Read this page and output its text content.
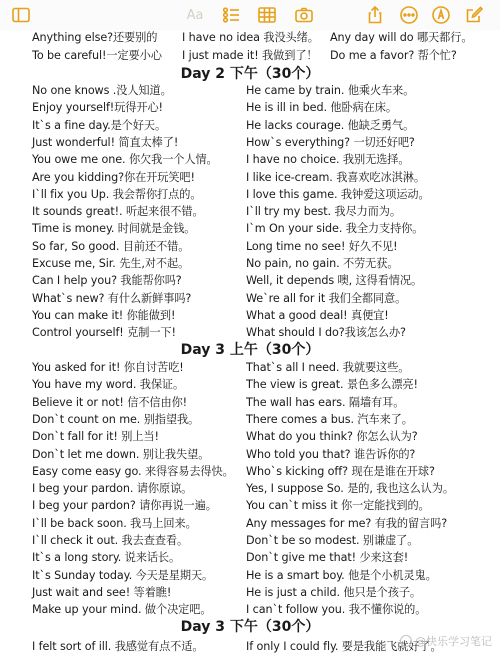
Aa
Anything else?还要别的 I have no idea 我没头绪。 Any day will do 哪天都行。
To be careful!一定要小心 I just made it! 我做到了！ Do me a favor? 帮个忙?
Day 2 下午（30个）
No one knows .没人知道。
Enjoy yourself!玩得开心!
It`s a fine day.是个好天。
Just wonderful! 简直太棒了!
You owe me one. 你欠我一个人情。
Are you kidding?你在开玩笑吧!
I`ll fix you Up. 我会帮你打点的。
It sounds great!. 听起来很不错。
Time is money. 时间就是金钱。
So far, So good. 目前还不错。
Excuse me, Sir. 先生,对不起。
Can I help you? 我能帮你吗?
What`s new? 有什么新鲜事吗?
You can make it! 你能做到!
Control yourself! 克制一下!
He came by train. 他乘火车来。
He is ill in bed. 他卧病在床。
He lacks courage. 他缺乏勇气。
How`s everything? 一切还好吧?
I have no choice. 我别无选择。
I like ice-cream. 我喜欢吃冰淇淋。
I love this game. 我钟爱这项运动。
I`ll try my best. 我尽力而为。
I`m On your side. 我全力支持你。
Long time no see! 好久不见!
No pain, no gain. 不劳无获。
Well, it depends 噢, 这得看情况。
We`re all for it 我们全都同意。
What a good deal! 真便宜!
What should I do?我该怎么办?
Day 3 上午（30个）
You asked for it! 你自讨苦吃!
You have my word. 我保证。
Believe it or not! 信不信由你!
Don`t count on me. 别指望我。
Don`t fall for it! 别上当!
Don`t let me down. 别让我失望。
Easy come easy go. 来得容易去得快。
I beg your pardon. 请你原谅。
I beg your pardon? 请你再说一遍。
I`ll be back soon. 我马上回来。
I`ll check it out. 我去查查看。
It`s a long story. 说来话长。
It`s Sunday today. 今天是星期天。
Just wait and see! 等着瞧!
Make up your mind. 做个决定吧。
That`s all I need. 我就要这些。
The view is great. 景色多么漂亮!
The wall has ears. 隔墙有耳。
There comes a bus. 汽车来了。
What do you think? 你怎么认为?
Who told you that? 谁告诉你的?
Who`s kicking off? 现在是谁在开球?
Yes, I suppose So. 是的, 我也这么认为。
You can`t miss it 你一定能找到的。
Any messages for me? 有我的留言吗?
Don`t be so modest. 别谦虚了。
Don`t give me that! 少来这套!
He is a smart boy. 他是个小机灵鬼。
He is just a child. 他只是个孩子。
I can`t follow you. 我不懂你说的。
Day 3 下午（30个）
I felt sort of ill. 我感觉有点不适。	If only I could fly. 要是我能飞就好了。
@快乐学习笔记
